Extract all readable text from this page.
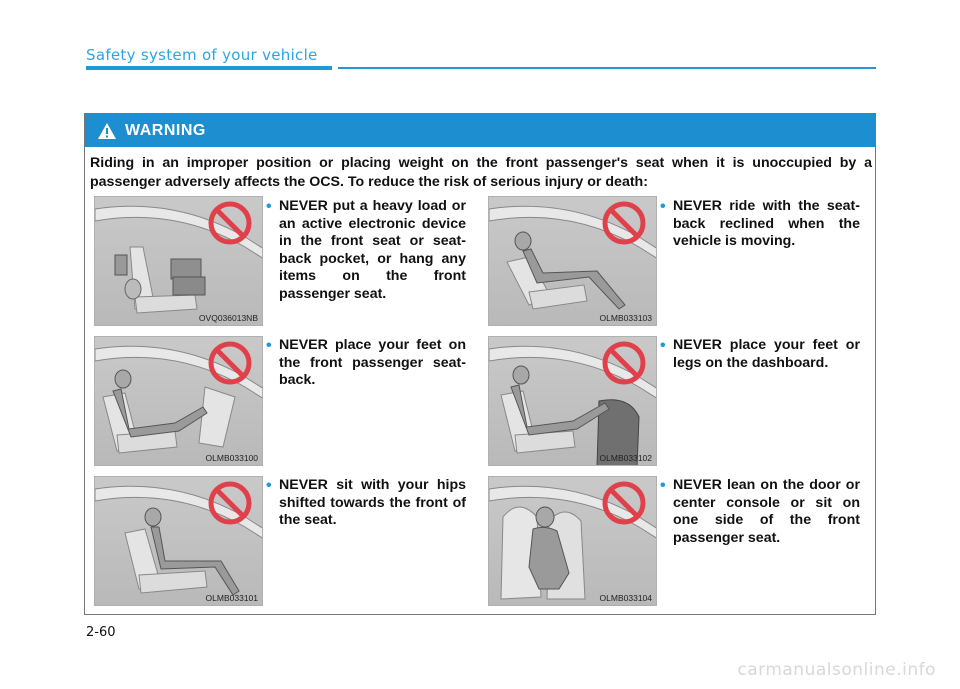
Safety system of your vehicle
WARNING
Riding in an improper position or placing weight on the front passenger's seat when it is unoccupied by a passenger adversely affects the OCS. To reduce the risk of serious injury or death:
OVQ036013NB	OLMB033103
OLMB033100	OLMB033102
OLMB033101	OLMB033104
• NEVER put a heavy load or an active electronic device in the front seat or seat-back pocket, or hang any items on the front passenger seat.
• NEVER ride with the seat-back reclined when the vehicle is moving.
• NEVER place your feet on the front passenger seat-back.
• NEVER place your feet or legs on the dashboard.
• NEVER sit with your hips shifted towards the front of the seat.
• NEVER lean on the door or center console or sit on one side of the front passenger seat.
2-60
carmanualsonline.info
